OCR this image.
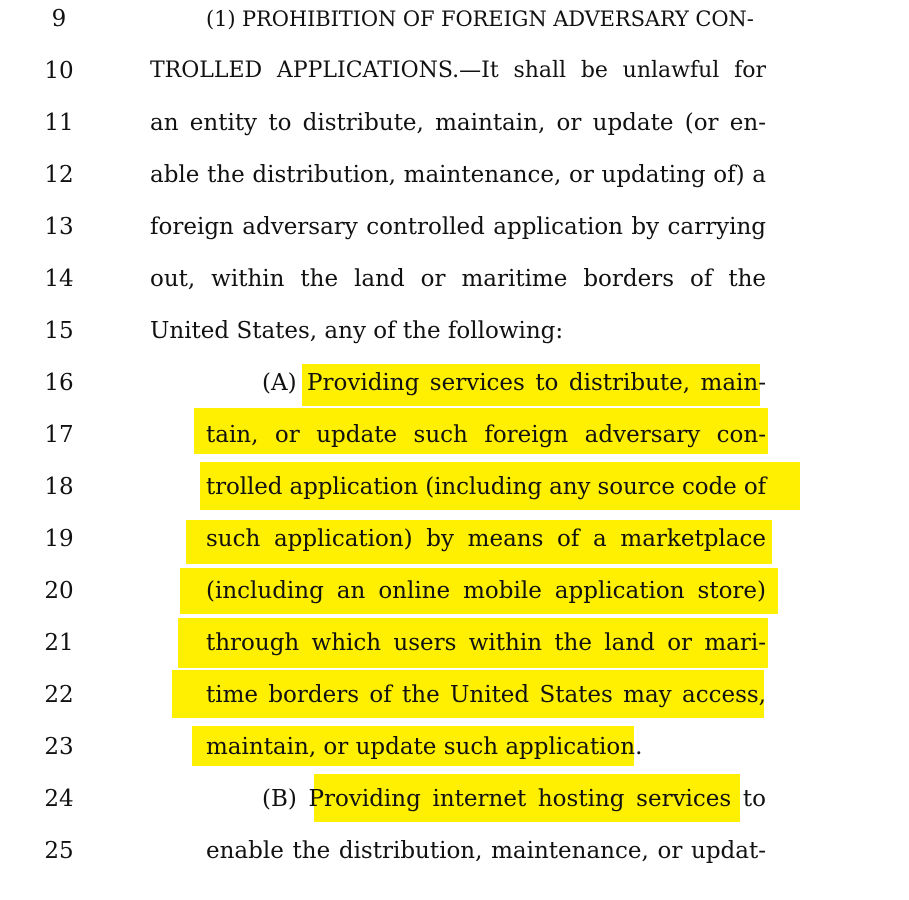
9	(1) PROHIBITION OF FOREIGN ADVERSARY CON-
10	TROLLED APPLICATIONS.—It shall be unlawful for
11	an entity to distribute, maintain, or update (or en-
12	able the distribution, maintenance, or updating of) a
13	foreign adversary controlled application by carrying
14	out, within the land or maritime borders of the
15	United States, any of the following:
16	(A) Providing services to distribute, main-
17	tain, or update such foreign adversary con-
18	trolled application (including any source code of
19	such application) by means of a marketplace
20	(including an online mobile application store)
21	through which users within the land or mari-
22	time borders of the United States may access,
23	maintain, or update such application.
24	(B) Providing internet hosting services to
25	enable the distribution, maintenance, or updat-
